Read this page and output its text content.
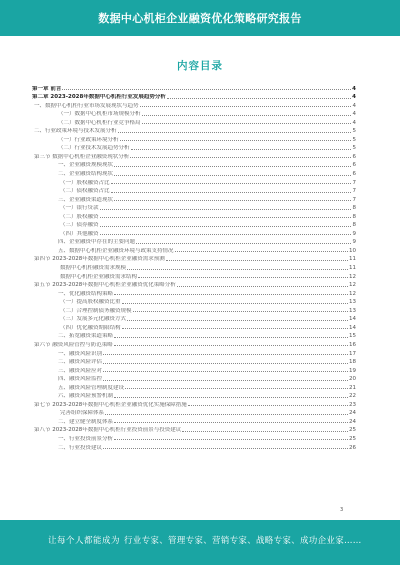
数据中心机柜企业融资优化策略研究报告
内容目录
第一章 前言	4
第二章 2023-2028年数据中心机柜行业发展趋势分析	4
一、数据中心机柜行业市场发展现状与趋势	4
（一）数据中心机柜市场规模分析	4
（二）数据中心机柜行业竞争格局	4
二、行业政策环境与技术发展分析	5
（一）行业政策环境分析	5
（二）行业技术发展趋势分析	5
第三节 数据中心机柜企业融资现状分析	6
一、企业融资规模现状	6
二、企业融资结构现状	6
（一）股权融资占比	7
（二）债权融资占比	7
三、企业融资渠道现状	7
（一）银行贷款	8
（二）股权融资	8
（三）债券融资	8
（四）其他融资	9
四、企业融资中存在的主要问题	9
五、数据中心机柜企业融资环境与政策支持情况	10
第四节 2023-2028年数据中心机柜企业融资需求预测	11
数据中心机柜融资需求规模	11
数据中心机柜企业融资需求结构	12
第五节 2023-2028年数据中心机柜企业融资优化策略分析	12
一、优化融资结构策略	12
（一）提高股权融资比重	13
（二）合理控制债务融资规模	13
（三）发展多元化融资方式	14
（四）优化融资期限结构	14
二、拓宽融资渠道策略	15
第六节 融资风险管控与防范策略	16
一、融资风险识别	17
二、融资风险评估	18
三、融资风险应对	19
四、融资风险监控	20
五、融资风险管理制度建设	21
六、融资风险预警机制	22
第七节 2023-2028年数据中心机柜企业融资优化实施保障措施	23
完善组织保障体系	24
二、建立健全制度体系	24
第八节 2023-2028年数据中心机柜行业投资前景与投资建议	25
一、行业投资前景分析	25
二、行业投资建议	26
3
让每个人都能成为 行业专家、管理专家、营销专家、战略专家、成功企业家……
